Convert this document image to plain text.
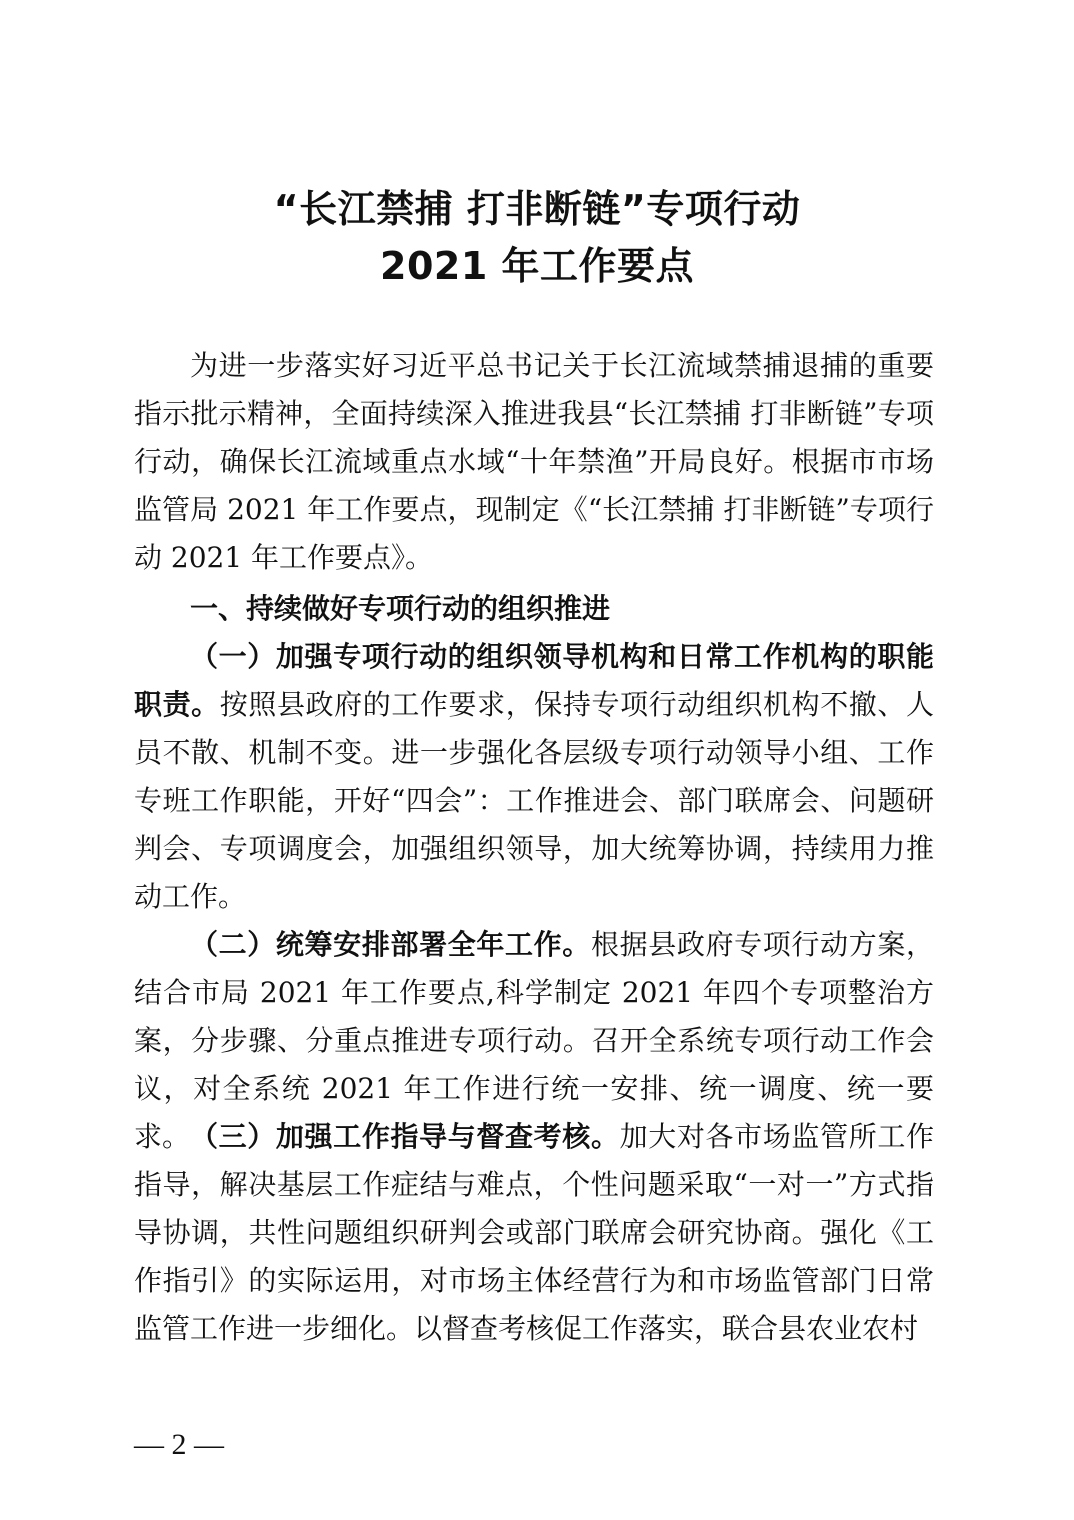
“长江禁捕 打非断链”专项行动
2021 年工作要点

为进一步落实好习近平总书记关于长江流域禁捕退捕的重要指示批示精神，全面持续深入推进我县“长江禁捕 打非断链”专项行动，确保长江流域重点水域“十年禁渔”开局良好。根据市市场监管局 2021 年工作要点，现制定《“长江禁捕 打非断链”专项行动 2021 年工作要点》。

一、持续做好专项行动的组织推进

（一）加强专项行动的组织领导机构和日常工作机构的职能职责。按照县政府的工作要求，保持专项行动组织机构不撤、人员不散、机制不变。进一步强化各层级专项行动领导小组、工作专班工作职能，开好“四会”：工作推进会、部门联席会、问题研判会、专项调度会，加强组织领导，加大统筹协调，持续用力推动工作。

（二）统筹安排部署全年工作。根据县政府专项行动方案，结合市局 2021 年工作要点,科学制定 2021 年四个专项整治方案，分步骤、分重点推进专项行动。召开全系统专项行动工作会议，对全系统 2021 年工作进行统一安排、统一调度、统一要求。 （三）加强工作指导与督查考核。加大对各市场监管所工作指导，解决基层工作症结与难点，个性问题采取“一对一”方式指导协调，共性问题组织研判会或部门联席会研究协商。强化《工作指引》的实际运用，对市场主体经营行为和市场监管部门日常监管工作进一步细化。以督查考核促工作落实，联合县农业农村

— 2 —
